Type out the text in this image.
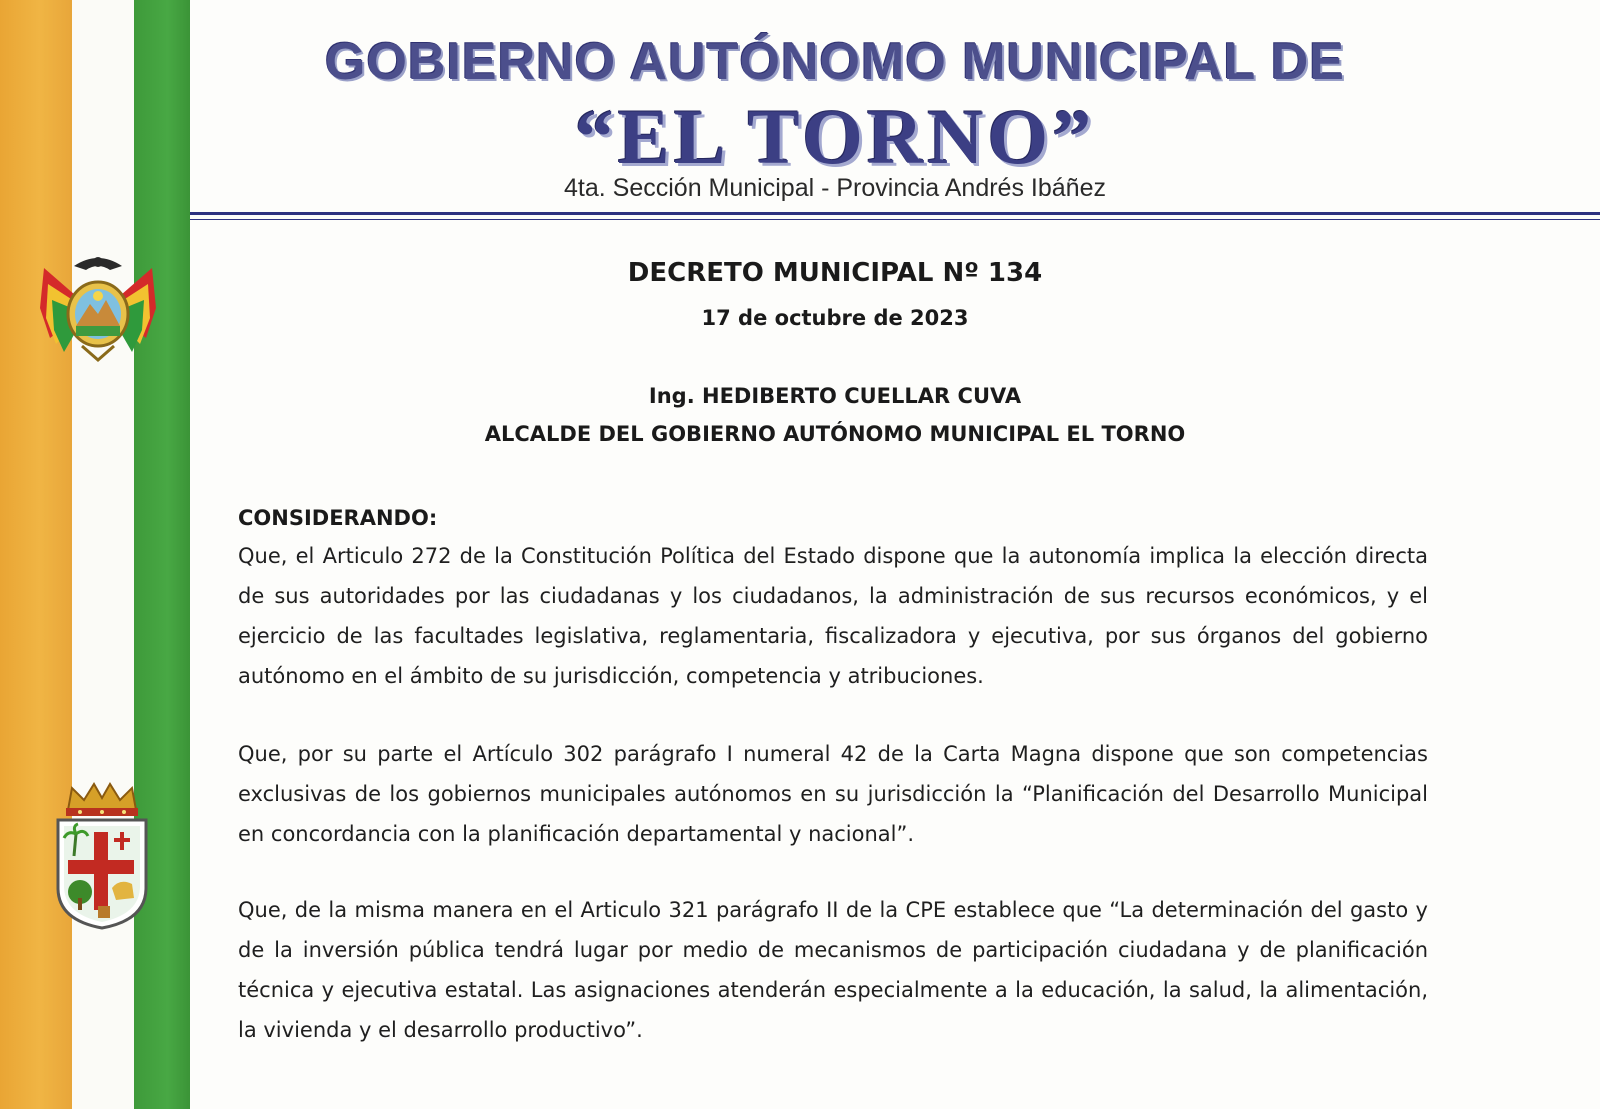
GOBIERNO AUTÓNOMO MUNICIPAL DE
“EL TORNO”
4ta. Sección Municipal - Provincia Andrés Ibáñez
DECRETO MUNICIPAL Nº 134
17 de octubre de 2023
Ing. HEDIBERTO CUELLAR CUVA
ALCALDE DEL GOBIERNO AUTÓNOMO MUNICIPAL EL TORNO
CONSIDERANDO:

Que, el Articulo 272 de la Constitución Política del Estado dispone que la autonomía implica la elección directa de sus autoridades por las ciudadanas y los ciudadanos, la administración de sus recursos económicos, y el ejercicio de las facultades legislativa, reglamentaria, fiscalizadora y ejecutiva, por sus órganos del gobierno autónomo en el ámbito de su jurisdicción, competencia y atribuciones.

Que, por su parte el Artículo 302 parágrafo I numeral 42 de la Carta Magna dispone que son competencias exclusivas de los gobiernos municipales autónomos en su jurisdicción la “Planificación del Desarrollo Municipal en concordancia con la planificación departamental y nacional”.

Que, de la misma manera en el Articulo 321 parágrafo II de la CPE establece que “La determinación del gasto y de la inversión pública tendrá lugar por medio de mecanismos de participación ciudadana y de planificación técnica y ejecutiva estatal. Las asignaciones atenderán especialmente a la educación, la salud, la alimentación, la vivienda y el desarrollo productivo”.
